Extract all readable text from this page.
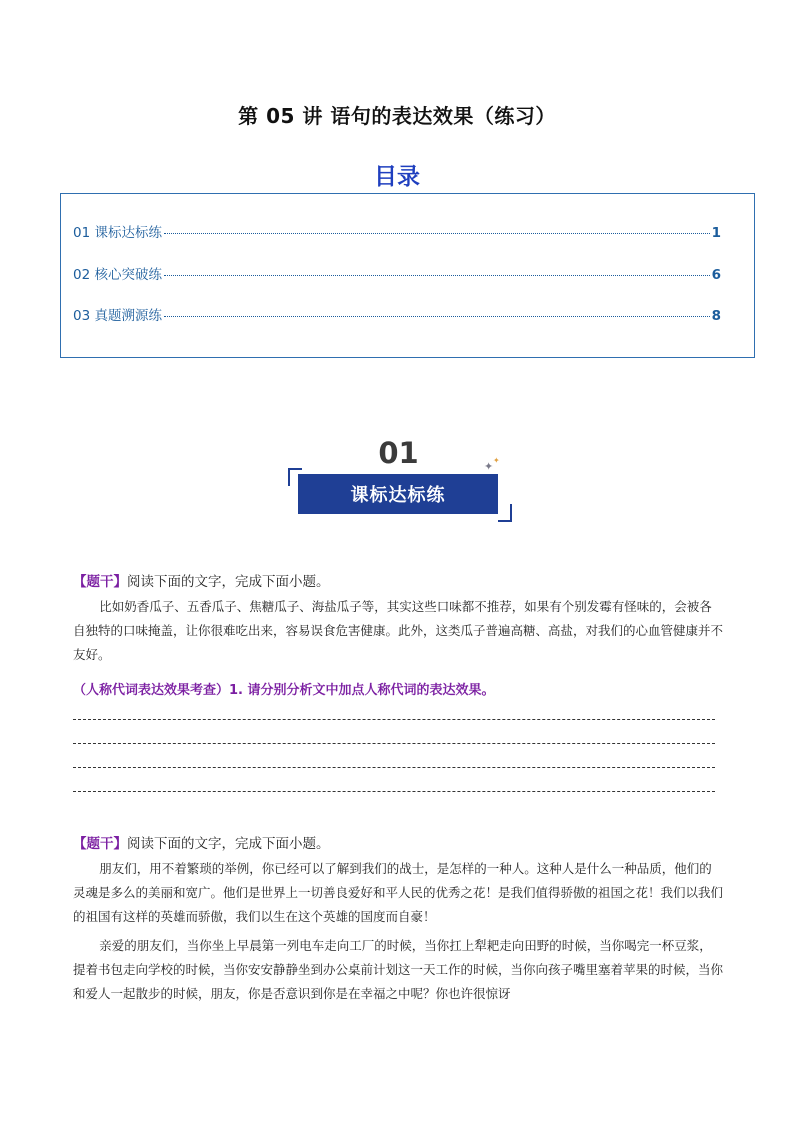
第 05 讲 语句的表达效果（练习）
目录
01 课标达标练	1
02 核心突破练	6
03 真题溯源练	8
01	✦ ✦
课标达标练
【题干】阅读下面的文字，完成下面小题。

比如奶香瓜子、五香瓜子、焦糖瓜子、海盐瓜子等，其实这些口味都不推荐，如果有个别发霉有怪味的，会被各自独特的口味掩盖，让你很难吃出来，容易误食危害健康。此外，这类瓜子普遍高糖、高盐，对我们的心血管健康并不友好。

（人称代词表达效果考查）1. 请分别分析文中加点人称代词的表达效果。
【题干】阅读下面的文字，完成下面小题。

朋友们，用不着繁琐的举例，你已经可以了解到我们的战士，是怎样的一种人。这种人是什么一种品质，他们的灵魂是多么的美丽和宽广。他们是世界上一切善良爱好和平人民的优秀之花！是我们值得骄傲的祖国之花！我们以我们的祖国有这样的英雄而骄傲，我们以生在这个英雄的国度而自豪！

亲爱的朋友们，当你坐上早晨第一列电车走向工厂的时候，当你扛上犁耙走向田野的时候，当你喝完一杯豆浆，提着书包走向学校的时候，当你安安静静坐到办公桌前计划这一天工作的时候，当你向孩子嘴里塞着苹果的时候，当你和爱人一起散步的时候，朋友，你是否意识到你是在幸福之中呢？你也许很惊讶
